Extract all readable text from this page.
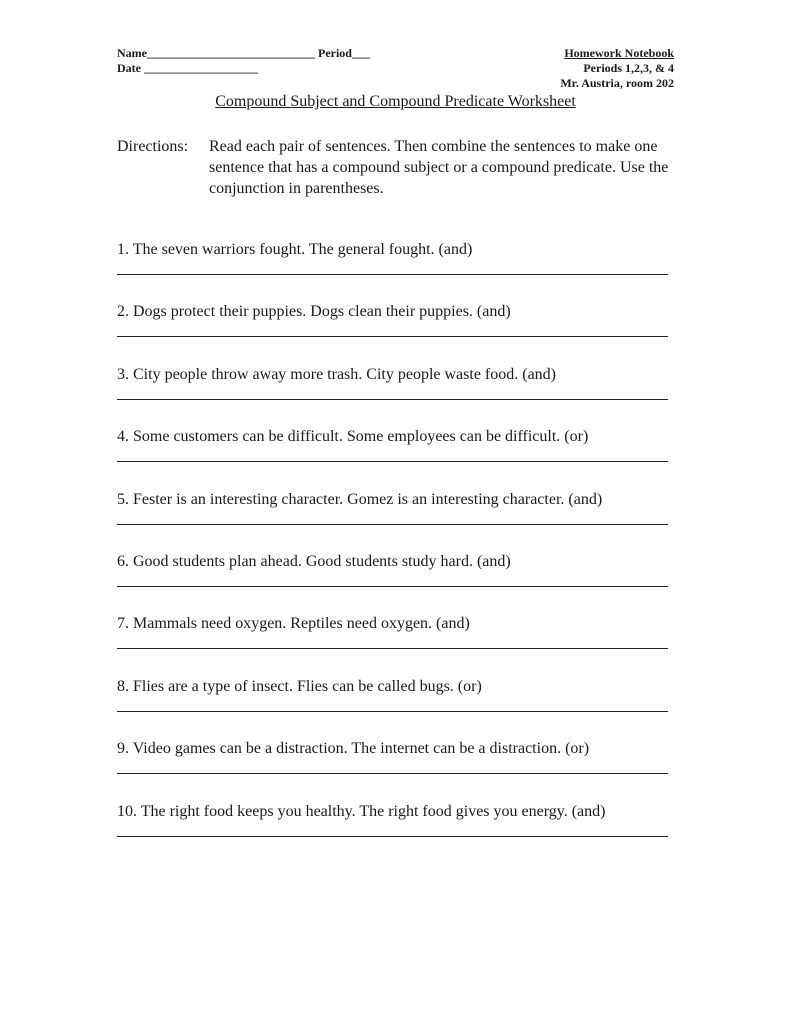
Name____________________________ Period___
Date ___________________
Homework Notebook
Periods 1,2,3, & 4
Mr. Austria, room 202
Compound Subject and Compound Predicate Worksheet
Directions: Read each pair of sentences. Then combine the sentences to make one sentence that has a compound subject or a compound predicate. Use the conjunction in parentheses.
1. The seven warriors fought. The general fought. (and)
2. Dogs protect their puppies. Dogs clean their puppies. (and)
3. City people throw away more trash. City people waste food. (and)
4. Some customers can be difficult. Some employees can be difficult. (or)
5. Fester is an interesting character. Gomez is an interesting character. (and)
6. Good students plan ahead. Good students study hard. (and)
7. Mammals need oxygen. Reptiles need oxygen. (and)
8. Flies are a type of insect. Flies can be called bugs. (or)
9. Video games can be a distraction. The internet can be a distraction. (or)
10. The right food keeps you healthy. The right food gives you energy. (and)
